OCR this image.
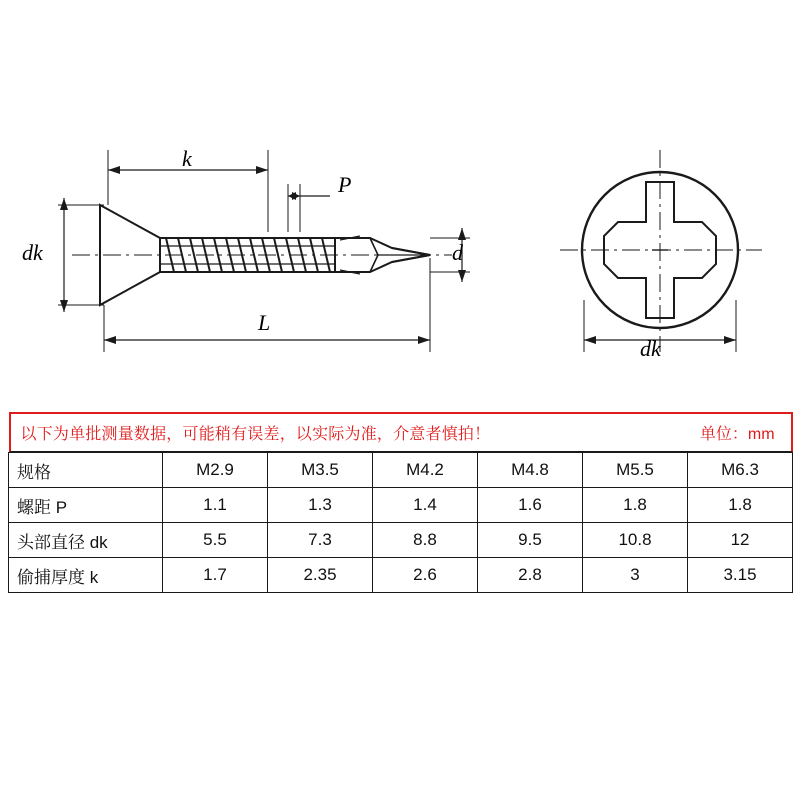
k
P
dk	d
L
dk
以下为单批测量数据，可能稍有误差，以实际为准，介意者慎拍！ 单位：mm						

规格	M2.9	M3.5	M4.2	M4.8	M5.5	M6.3
螺距 P	1.1	1.3	1.4	1.6	1.8	1.8
头部直径 dk	5.5	7.3	8.8	9.5	10.8	12
偷捕厚度 k	1.7	2.35	2.6	2.8	3	3.15
